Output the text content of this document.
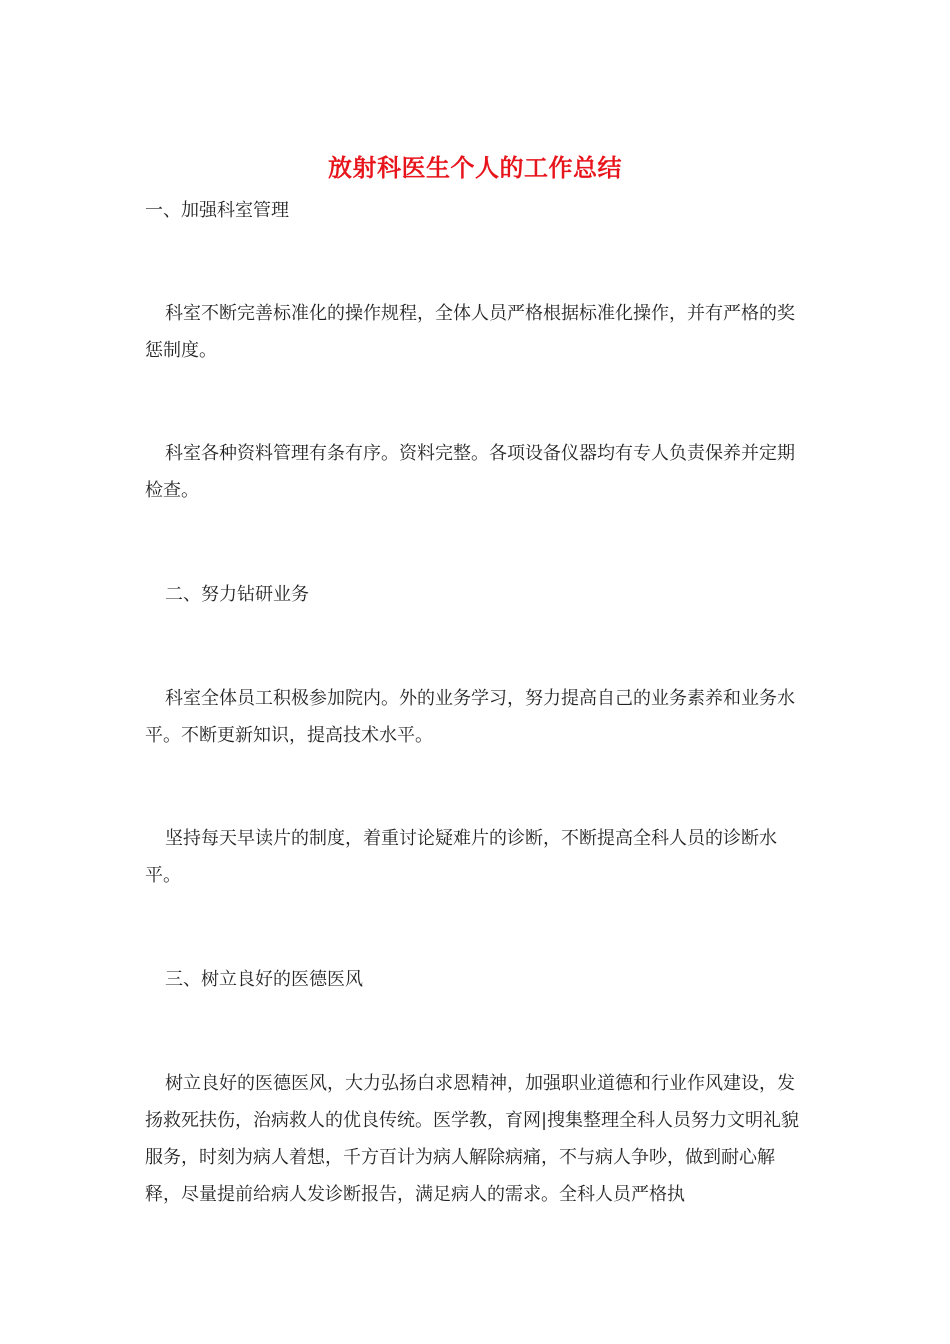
放射科医生个人的工作总结
一、加强科室管理
科室不断完善标准化的操作规程，全体人员严格根据标准化操作，并有严格的奖惩制度。
科室各种资料管理有条有序。资料完整。各项设备仪器均有专人负责保养并定期检查。
二、努力钻研业务
科室全体员工积极参加院内。外的业务学习，努力提高自己的业务素养和业务水平。不断更新知识，提高技术水平。
坚持每天早读片的制度，着重讨论疑难片的诊断，不断提高全科人员的诊断水平。
三、树立良好的医德医风
树立良好的医德医风，大力弘扬白求恩精神，加强职业道德和行业作风建设，发扬救死扶伤，治病救人的优良传统。医学教，育网|搜集整理全科人员努力文明礼貌服务，时刻为病人着想，千方百计为病人解除病痛，不与病人争吵，做到耐心解释，尽量提前给病人发诊断报告，满足病人的需求。全科人员严格执
